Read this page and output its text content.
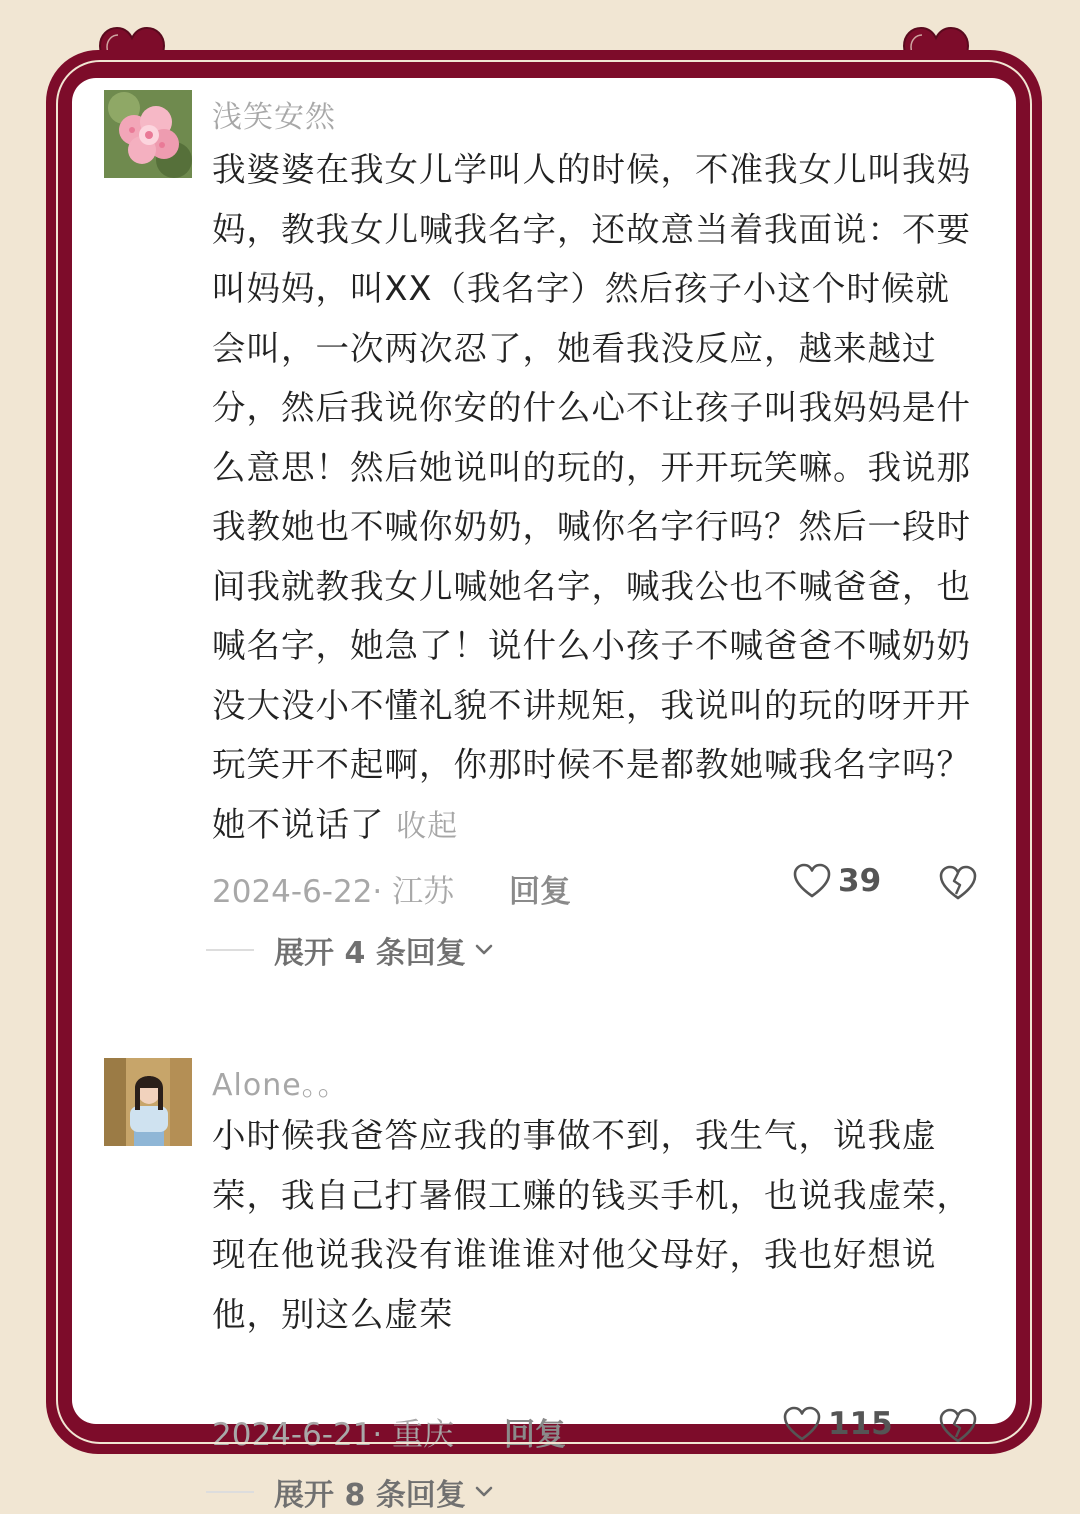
浅笑安然
我婆婆在我女儿学叫人的时候，不准我女儿叫我妈妈，教我女儿喊我名字，还故意当着我面说：不要叫妈妈，叫XX（我名字）然后孩子小这个时候就会叫，一次两次忍了，她看我没反应，越来越过分，然后我说你安的什么心不让孩子叫我妈妈是什么意思！然后她说叫的玩的，开开玩笑嘛。我说那我教她也不喊你奶奶，喊你名字行吗？然后一段时间我就教我女儿喊她名字，喊我公也不喊爸爸，也喊名字，她急了！说什么小孩子不喊爸爸不喊奶奶没大没小不懂礼貌不讲规矩，我说叫的玩的呀开开玩笑开不起啊，你那时候不是都教她喊我名字吗？她不说话了 收起
2024-6-22· 江苏 回复	39
展开 4 条回复
Alone。。
小时候我爸答应我的事做不到，我生气，说我虚荣，我自己打暑假工赚的钱买手机，也说我虚荣，现在他说我没有谁谁谁对他父母好，我也好想说他，别这么虚荣
2024-6-21· 重庆 回复	115
展开 8 条回复
